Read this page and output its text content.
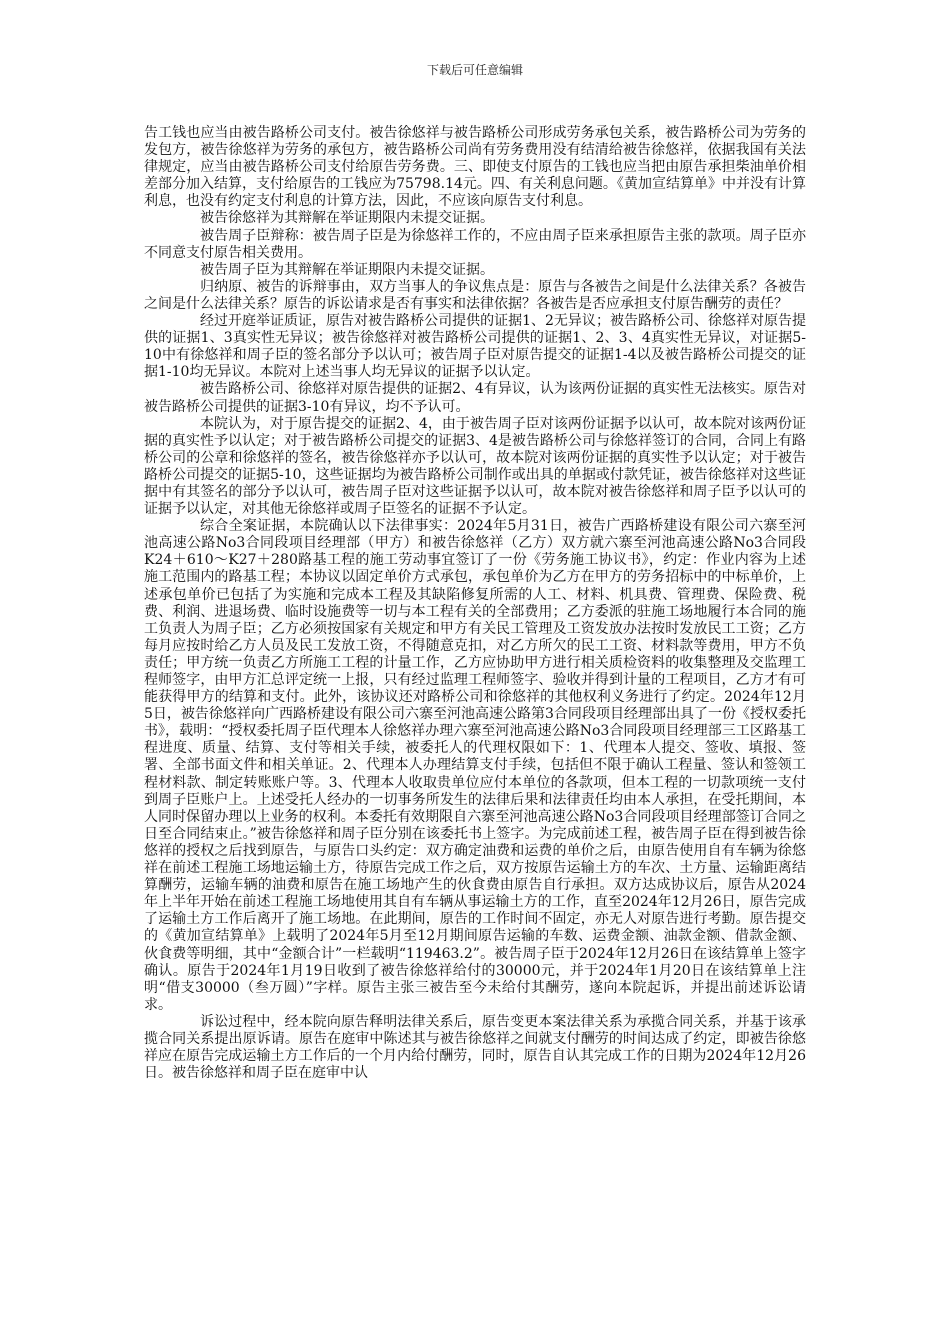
下载后可任意编辑

告工钱也应当由被告路桥公司支付。被告徐悠祥与被告路桥公司形成劳务承包关系，被告路桥公司为劳务的发包方，被告徐悠祥为劳务的承包方，被告路桥公司尚有劳务费用没有结清给被告徐悠祥，依据我国有关法律规定，应当由被告路桥公司支付给原告劳务费。三、即使支付原告的工钱也应当把由原告承担柴油单价相差部分加入结算，支付给原告的工钱应为75798.14元。四、有关利息问题。《黄加宣结算单》中并没有计算利息，也没有约定支付利息的计算方法，因此，不应该向原告支付利息。

被告徐悠祥为其辩解在举证期限内未提交证据。

被告周子臣辩称：被告周子臣是为徐悠祥工作的，不应由周子臣来承担原告主张的款项。周子臣亦不同意支付原告相关费用。

被告周子臣为其辩解在举证期限内未提交证据。

归纳原、被告的诉辩事由，双方当事人的争议焦点是：原告与各被告之间是什么法律关系？各被告之间是什么法律关系？原告的诉讼请求是否有事实和法律依据？各被告是否应承担支付原告酬劳的责任？

经过开庭举证质证，原告对被告路桥公司提供的证据1、2无异议；被告路桥公司、徐悠祥对原告提供的证据1、3真实性无异议；被告徐悠祥对被告路桥公司提供的证据1、2、3、4真实性无异议，对证据5-10中有徐悠祥和周子臣的签名部分予以认可；被告周子臣对原告提交的证据1-4以及被告路桥公司提交的证据1-10均无异议。本院对上述当事人均无异议的证据予以认定。

被告路桥公司、徐悠祥对原告提供的证据2、4有异议，认为该两份证据的真实性无法核实。原告对被告路桥公司提供的证据3-10有异议，均不予认可。

本院认为，对于原告提交的证据2、4，由于被告周子臣对该两份证据予以认可，故本院对该两份证据的真实性予以认定；对于被告路桥公司提交的证据3、4是被告路桥公司与徐悠祥签订的合同，合同上有路桥公司的公章和徐悠祥的签名，被告徐悠祥亦予以认可，故本院对该两份证据的真实性予以认定；对于被告路桥公司提交的证据5-10，这些证据均为被告路桥公司制作或出具的单据或付款凭证，被告徐悠祥对这些证据中有其签名的部分予以认可，被告周子臣对这些证据予以认可，故本院对被告徐悠祥和周子臣予以认可的证据予以认定，对其他无徐悠祥或周子臣签名的证据不予认定。

综合全案证据，本院确认以下法律事实：2024年5月31日，被告广西路桥建设有限公司六寨至河池高速公路No3合同段项目经理部（甲方）和被告徐悠祥（乙方）双方就六寨至河池高速公路No3合同段K24＋610～K27＋280路基工程的施工劳动事宜签订了一份《劳务施工协议书》，约定：作业内容为上述施工范围内的路基工程；本协议以固定单价方式承包，承包单价为乙方在甲方的劳务招标中的中标单价，上述承包单价已包括了为实施和完成本工程及其缺陷修复所需的人工、材料、机具费、管理费、保险费、税费、利润、进退场费、临时设施费等一切与本工程有关的全部费用；乙方委派的驻施工场地履行本合同的施工负责人为周子臣；乙方必须按国家有关规定和甲方有关民工管理及工资发放办法按时发放民工工资；乙方每月应按时给乙方人员及民工发放工资，不得随意克扣，对乙方所欠的民工工资、材料款等费用，甲方不负责任；甲方统一负责乙方所施工工程的计量工作，乙方应协助甲方进行相关质检资料的收集整理及交监理工程师签字，由甲方汇总评定统一上报，只有经过监理工程师签字、验收并得到计量的工程项目，乙方才有可能获得甲方的结算和支付。此外，该协议还对路桥公司和徐悠祥的其他权利义务进行了约定。2024年12月5日，被告徐悠祥向广西路桥建设有限公司六寨至河池高速公路第3合同段项目经理部出具了一份《授权委托书》，载明：“授权委托周子臣代理本人徐悠祥办理六寨至河池高速公路No3合同段项目经理部三工区路基工程进度、质量、结算、支付等相关手续，被委托人的代理权限如下：1、代理本人提交、签收、填报、签署、全部书面文件和相关单证。2、代理本人办理结算支付手续，包括但不限于确认工程量、签认和签领工程材料款、制定转账账户等。3、代理本人收取贵单位应付本单位的各款项，但本工程的一切款项统一支付到周子臣账户上。上述受托人经办的一切事务所发生的法律后果和法律责任均由本人承担，在受托期间，本人同时保留办理以上业务的权利。本委托有效期限自六寨至河池高速公路No3合同段项目经理部签订合同之日至合同结束止。”被告徐悠祥和周子臣分别在该委托书上签字。为完成前述工程，被告周子臣在得到被告徐悠祥的授权之后找到原告，与原告口头约定：双方确定油费和运费的单价之后，由原告使用自有车辆为徐悠祥在前述工程施工场地运输土方，待原告完成工作之后，双方按原告运输土方的车次、土方量、运输距离结算酬劳，运输车辆的油费和原告在施工场地产生的伙食费由原告自行承担。双方达成协议后，原告从2024年上半年开始在前述工程施工场地使用其自有车辆从事运输土方的工作，直至2024年12月26日，原告完成了运输土方工作后离开了施工场地。在此期间，原告的工作时间不固定，亦无人对原告进行考勤。原告提交的《黄加宣结算单》上载明了2024年5月至12月期间原告运输的车数、运费金额、油款金额、借款金额、伙食费等明细，其中“金额合计”一栏载明“119463.2”。被告周子臣于2024年12月26日在该结算单上签字确认。原告于2024年1月19日收到了被告徐悠祥给付的30000元，并于2024年1月20日在该结算单上注明“借支30000（叁万圆）”字样。原告主张三被告至今未给付其酬劳，遂向本院起诉，并提出前述诉讼请求。

诉讼过程中，经本院向原告释明法律关系后，原告变更本案法律关系为承揽合同关系，并基于该承揽合同关系提出原诉请。原告在庭审中陈述其与被告徐悠祥之间就支付酬劳的时间达成了约定，即被告徐悠祥应在原告完成运输土方工作后的一个月内给付酬劳，同时，原告自认其完成工作的日期为2024年12月26日。被告徐悠祥和周子臣在庭审中认
